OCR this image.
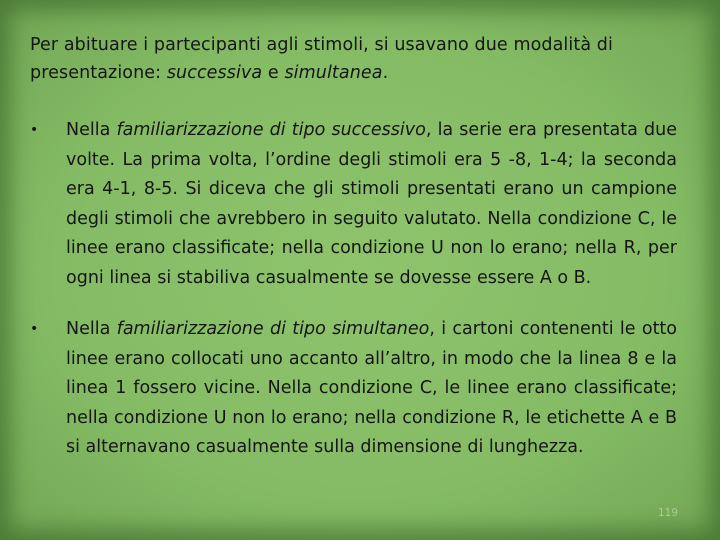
Per abituare i partecipanti agli stimoli, si usavano due modalità di presentazione: successiva e simultanea.
• Nella familiarizzazione di tipo successivo, la serie era presentata due volte. La prima volta, l’ordine degli stimoli era 5 -8, 1-4; la seconda era 4-1, 8-5. Si diceva che gli stimoli presentati erano un campione degli stimoli che avrebbero in seguito valutato. Nella condizione C, le linee erano classificate; nella condizione U non lo erano; nella R, per ogni linea si stabiliva casualmente se dovesse essere A o B.
• Nella familiarizzazione di tipo simultaneo, i cartoni contenenti le otto linee erano collocati uno accanto all’altro, in modo che la linea 8 e la linea 1 fossero vicine. Nella condizione C, le linee erano classificate; nella condizione U non lo erano; nella condizione R, le etichette A e B si alternavano casualmente sulla dimensione di lunghezza.
119
